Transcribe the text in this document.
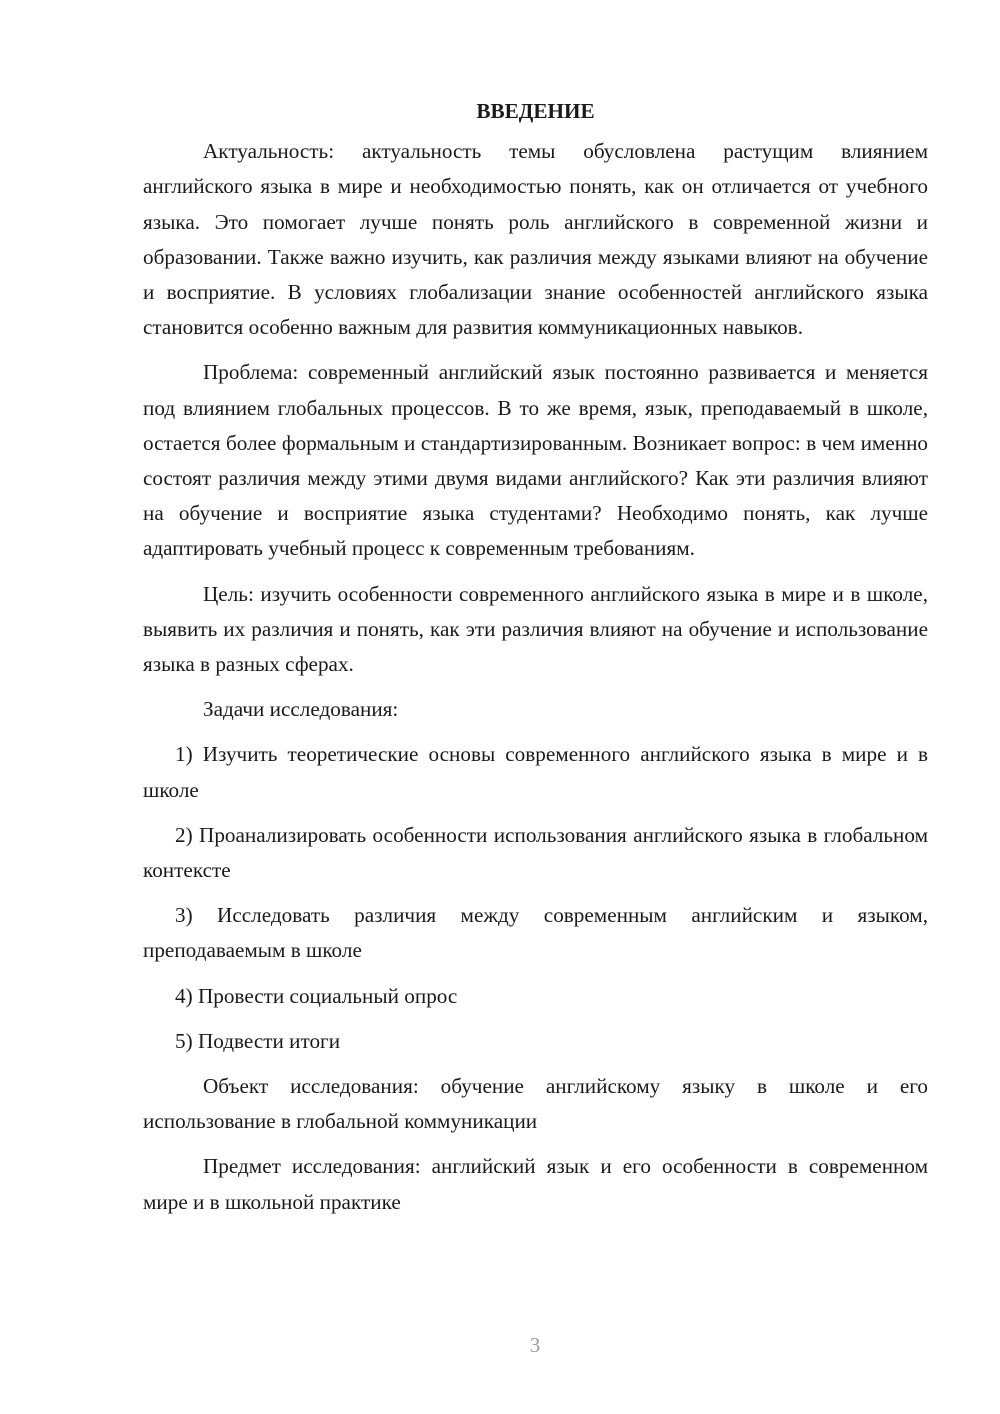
ВВЕДЕНИЕ

Актуальность: актуальность темы обусловлена растущим влиянием английского языка в мире и необходимостью понять, как он отличается от учебного языка. Это помогает лучше понять роль английского в современной жизни и образовании. Также важно изучить, как различия между языками влияют на обучение и восприятие. В условиях глобализации знание особенностей английского языка становится особенно важным для развития коммуникационных навыков.

Проблема: современный английский язык постоянно развивается и меняется под влиянием глобальных процессов. В то же время, язык, преподаваемый в школе, остается более формальным и стандартизированным. Возникает вопрос: в чем именно состоят различия между этими двумя видами английского? Как эти различия влияют на обучение и восприятие языка студентами? Необходимо понять, как лучше адаптировать учебный процесс к современным требованиям.

Цель: изучить особенности современного английского языка в мире и в школе, выявить их различия и понять, как эти различия влияют на обучение и использование языка в разных сферах.

Задачи исследования:

1) Изучить теоретические основы современного английского языка в мире и в школе

2) Проанализировать особенности использования английского языка в глобальном контексте

3) Исследовать различия между современным английским и языком, преподаваемым в школе

4) Провести социальный опрос

5) Подвести итоги

Объект исследования: обучение английскому языку в школе и его использование в глобальной коммуникации

Предмет исследования: английский язык и его особенности в современном мире и в школьной практике

3
